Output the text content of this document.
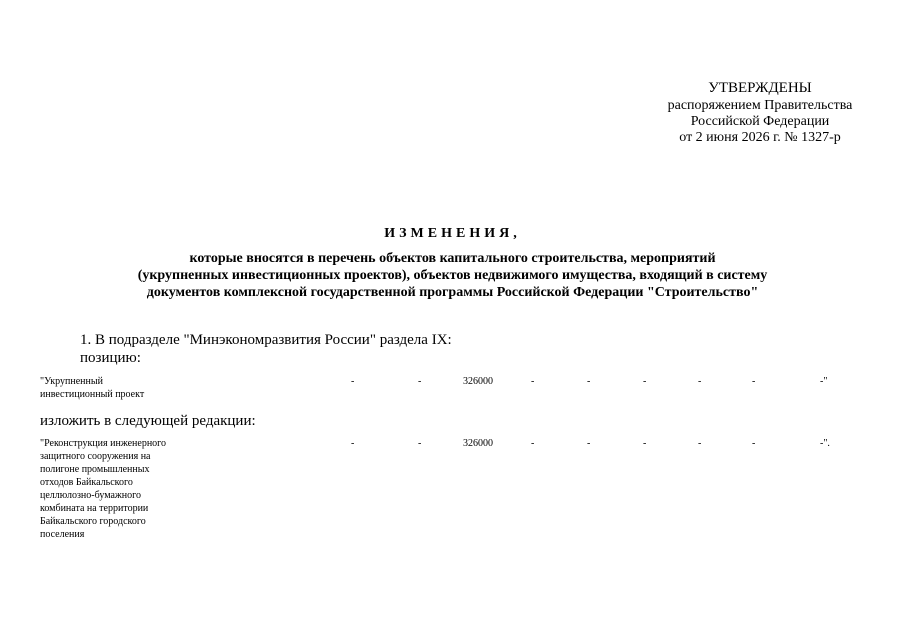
УТВЕРЖДЕНЫ
распоряжением Правительства
Российской Федерации
от 2 июня 2026 г. № 1327-р
ИЗМЕНЕНИЯ,
которые вносятся в перечень объектов капитального строительства, мероприятий
(укрупненных инвестиционных проектов), объектов недвижимого имущества, входящий в систему
документов комплексной государственной программы Российской Федерации "Строительство"
1. В подразделе "Минэкономразвития России" раздела IX:
позицию:
"Укрупненный
инвестиционный проект
-	-	326000	-	-	-	-	-	-"
изложить в следующей редакции:
"Реконструкция инженерного
защитного сооружения на
полигоне промышленных
отходов Байкальского
целлюлозно-бумажного
комбината на территории
Байкальского городского
поселения
-	-	326000	-	-	-	-	-	-".
